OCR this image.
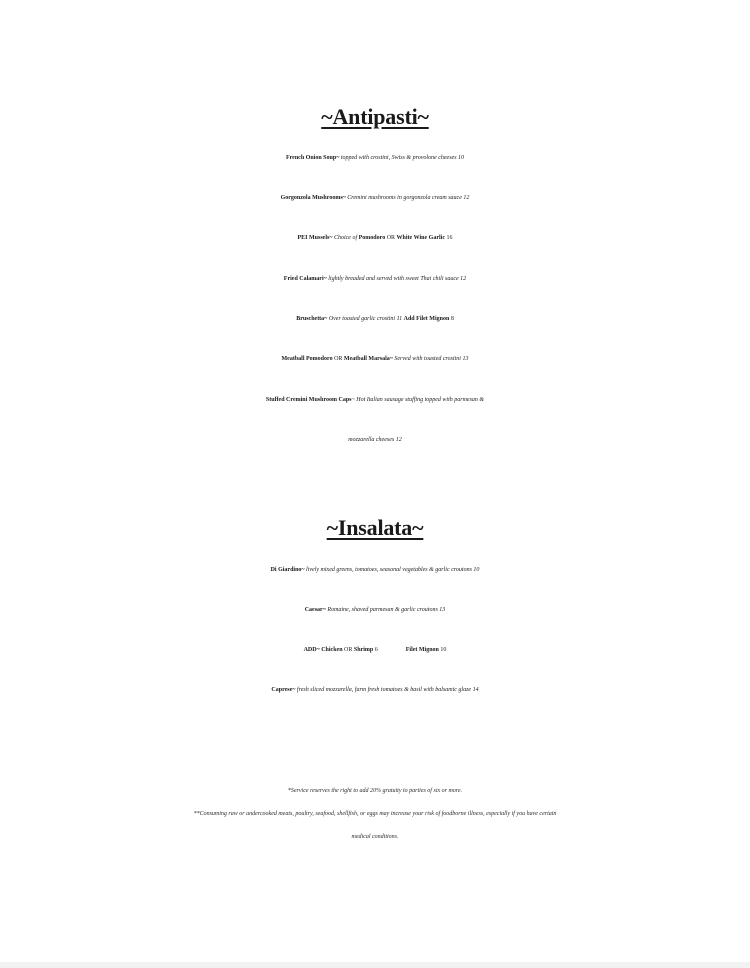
~Antipasti~
French Onion Soup~ topped with crostini, Swiss & provolone cheeses 10
Gorgonzola Mushrooms~ Cremini mushrooms in gorgonzola cream sauce 12
PEI Mussels~ Choice of Pomodoro OR White Wine Garlic 16
Fried Calamari~ lightly breaded and served with sweet Thai chili sauce 12
Bruschetta~ Over toasted garlic crostini 11 Add Filet Mignon 8
Meatball Pomodoro OR Meatball Marsala~ Served with toasted crostini 13
Stuffed Cremini Mushroom Caps~ Hot Italian sausage stuffing topped with parmesan &
mozzarella cheeses 12
~Insalata~
Di Giardino~ lively mixed greens, tomatoes, seasonal vegetables & garlic croutons 10
Caesar~ Romaine, shaved parmesan & garlic croutons 13
ADD~ Chicken OR Shrimp 6	Filet Mignon 10
Caprese~ fresh sliced mozzarella, farm fresh tomatoes & basil with balsamic glaze 14
*Service reserves the right to add 20% gratuity to parties of six or more.
**Consuming raw or undercooked meats, poultry, seafood, shellfish, or eggs may increase your risk of foodborne illness, especially if you have certain
medical conditions.
